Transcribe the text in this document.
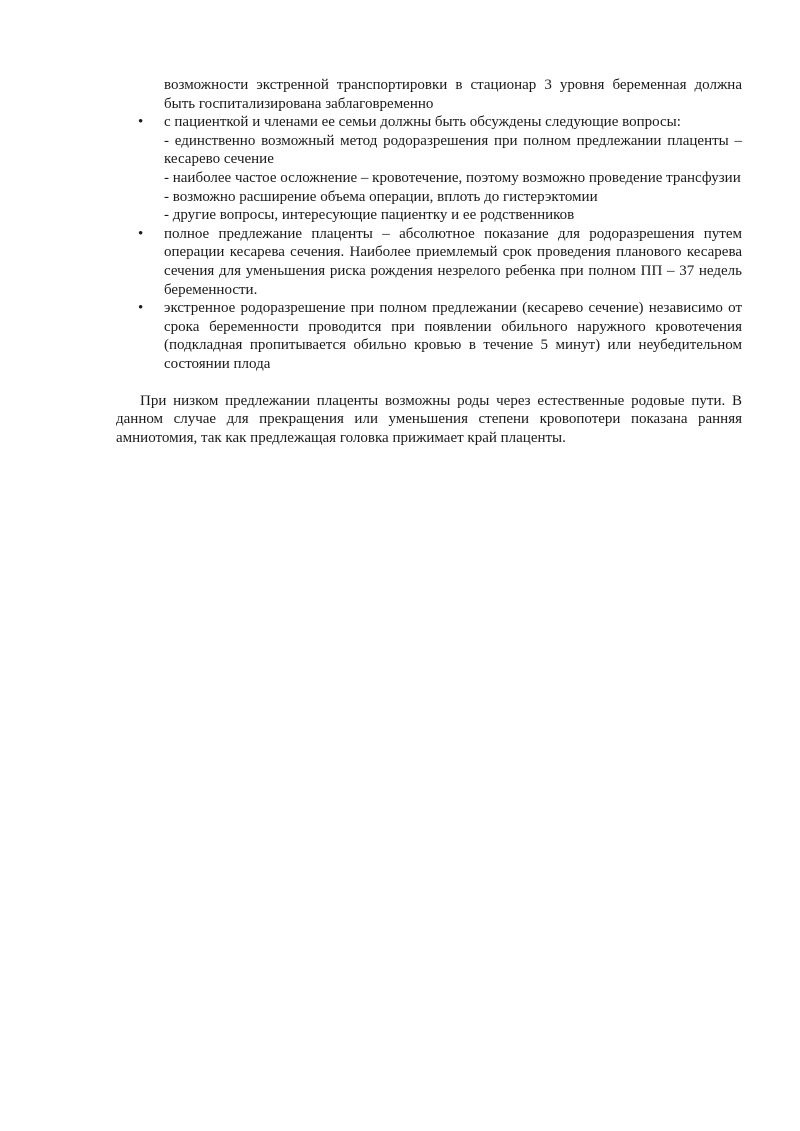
возможности экстренной транспортировки в стационар 3 уровня беременная должна быть госпитализирована заблаговременно
• с пациенткой и членами ее семьи должны быть обсуждены следующие вопросы:
- единственно возможный метод родоразрешения при полном предлежании плаценты – кесарево сечение
- наиболее частое осложнение – кровотечение, поэтому возможно проведение трансфузии
- возможно расширение объема операции, вплоть до гистерэктомии
- другие вопросы, интересующие пациентку и ее родственников
• полное предлежание плаценты – абсолютное показание для родоразрешения путем операции кесарева сечения. Наиболее приемлемый срок проведения планового кесарева сечения для уменьшения риска рождения незрелого ребенка при полном ПП – 37 недель беременности.
• экстренное родоразрешение при полном предлежании (кесарево сечение) независимо от срока беременности проводится при появлении обильного наружного кровотечения (подкладная пропитывается обильно кровью в течение 5 минут) или неубедительном состоянии плода

При низком предлежании плаценты возможны роды через естественные родовые пути. В данном случае для прекращения или уменьшения степени кровопотери показана ранняя амниотомия, так как предлежащая головка прижимает край плаценты.
